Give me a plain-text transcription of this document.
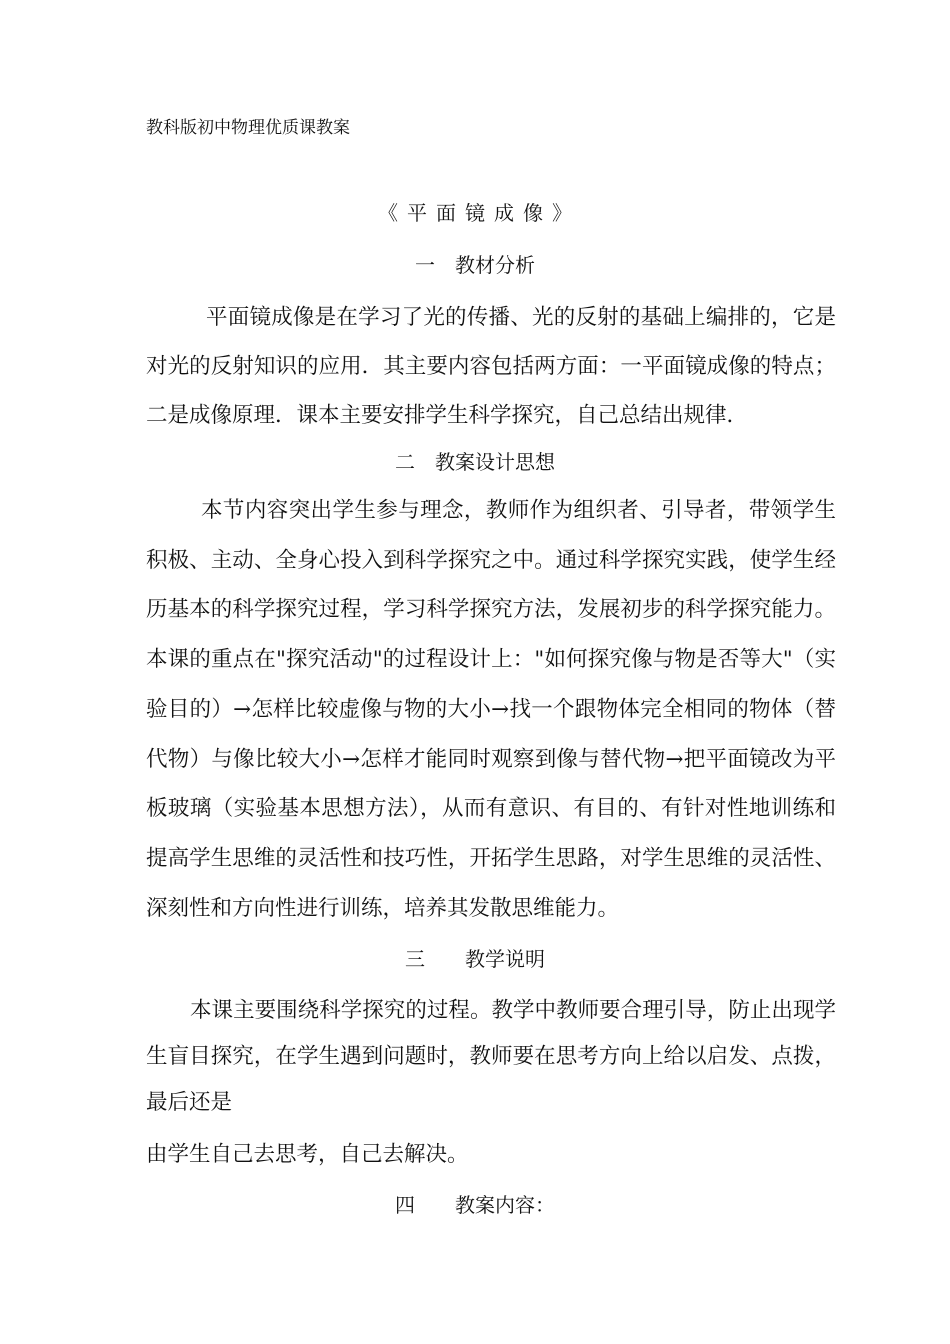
教科版初中物理优质课教案
《平面镜成像》
一　教材分析

平面镜成像是在学习了光的传播、光的反射的基础上编排的，它是　对光的反射知识的应用．其主要内容包括两方面：一平面镜成像的特点；二是成像原理．课本主要安排学生科学探究，自己总结出规律．

二　教案设计思想

本节内容突出学生参与理念，教师作为组织者、引导者，带领学生积极、主动、全身心投入到科学探究之中。通过科学探究实践，使学生经历基本的科学探究过程，学习科学探究方法，发展初步的科学探究能力。本课的重点在"探究活动"的过程设计上："如何探究像与物是否等大"（实验目的）→怎样比较虚像与物的大小→找一个跟物体完全相同的物体（替代物）与像比较大小→怎样才能同时观察到像与替代物→把平面镜改为平板玻璃（实验基本思想方法），从而有意识、有目的、有针对性地训练和提高学生思维的灵活性和技巧性，开拓学生思路，对学生思维的灵活性、深刻性和方向性进行训练，培养其发散思维能力。

三　　教学说明

本课主要围绕科学探究的过程。教学中教师要合理引导，防止出现学生盲目探究，在学生遇到问题时，教师要在思考方向上给以启发、点拨，最后还是

由学生自己去思考，自己去解决。
四　　教案内容：
